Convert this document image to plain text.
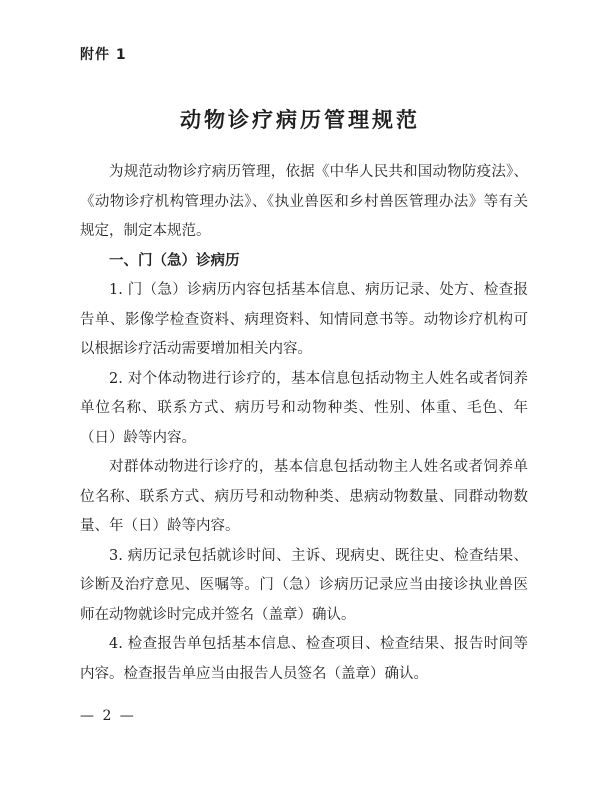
附件 1
动物诊疗病历管理规范

为规范动物诊疗病历管理，依据《中华人民共和国动物防疫法》、《动物诊疗机构管理办法》、《执业兽医和乡村兽医管理办法》等有关规定，制定本规范。

一、门（急）诊病历

1. 门（急）诊病历内容包括基本信息、病历记录、处方、检查报告单、影像学检查资料、病理资料、知情同意书等。动物诊疗机构可以根据诊疗活动需要增加相关内容。

2. 对个体动物进行诊疗的，基本信息包括动物主人姓名或者饲养单位名称、联系方式、病历号和动物种类、性别、体重、毛色、年（日）龄等内容。

对群体动物进行诊疗的，基本信息包括动物主人姓名或者饲养单位名称、联系方式、病历号和动物种类、患病动物数量、同群动物数量、年（日）龄等内容。

3. 病历记录包括就诊时间、主诉、现病史、既往史、检查结果、诊断及治疗意见、医嘱等。门（急）诊病历记录应当由接诊执业兽医师在动物就诊时完成并签名（盖章）确认。

4. 检查报告单包括基本信息、检查项目、检查结果、报告时间等内容。检查报告单应当由报告人员签名（盖章）确认。

— 2 —
